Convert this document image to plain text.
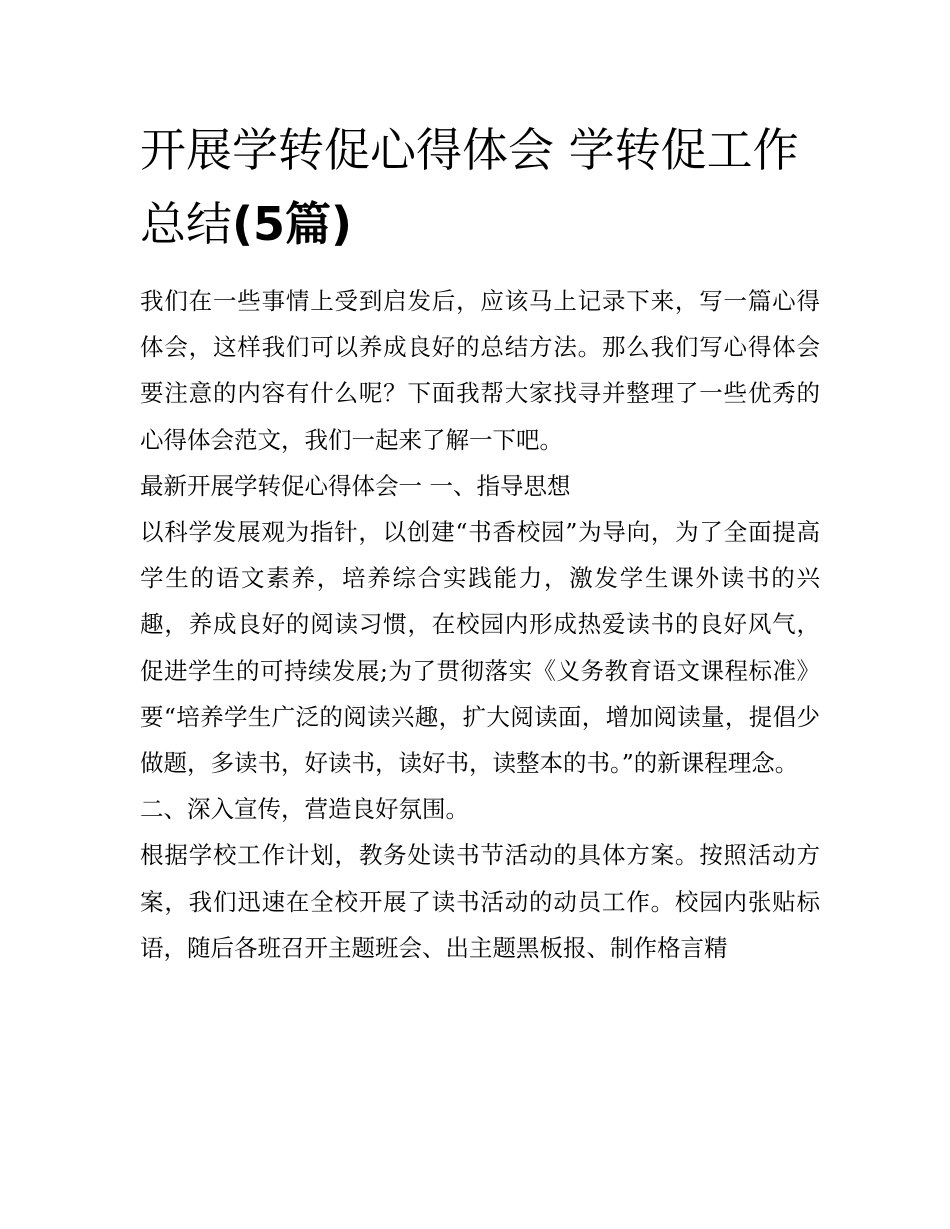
开展学转促心得体会 学转促工作总结(5篇)

我们在一些事情上受到启发后，应该马上记录下来，写一篇心得体会，这样我们可以养成良好的总结方法。那么我们写心得体会要注意的内容有什么呢？下面我帮大家找寻并整理了一些优秀的心得体会范文，我们一起来了解一下吧。

最新开展学转促心得体会一 一、指导思想

以科学发展观为指针，以创建“书香校园”为导向，为了全面提高学生的语文素养，培养综合实践能力，激发学生课外读书的兴趣，养成良好的阅读习惯，在校园内形成热爱读书的良好风气，促进学生的可持续发展;为了贯彻落实《义务教育语文课程标准》要“培养学生广泛的阅读兴趣，扩大阅读面，增加阅读量，提倡少做题，多读书，好读书，读好书，读整本的书。”的新课程理念。

二、深入宣传，营造良好氛围。

根据学校工作计划，教务处读书节活动的具体方案。按照活动方案，我们迅速在全校开展了读书活动的动员工作。校园内张贴标语，随后各班召开主题班会、出主题黑板报、制作格言精
